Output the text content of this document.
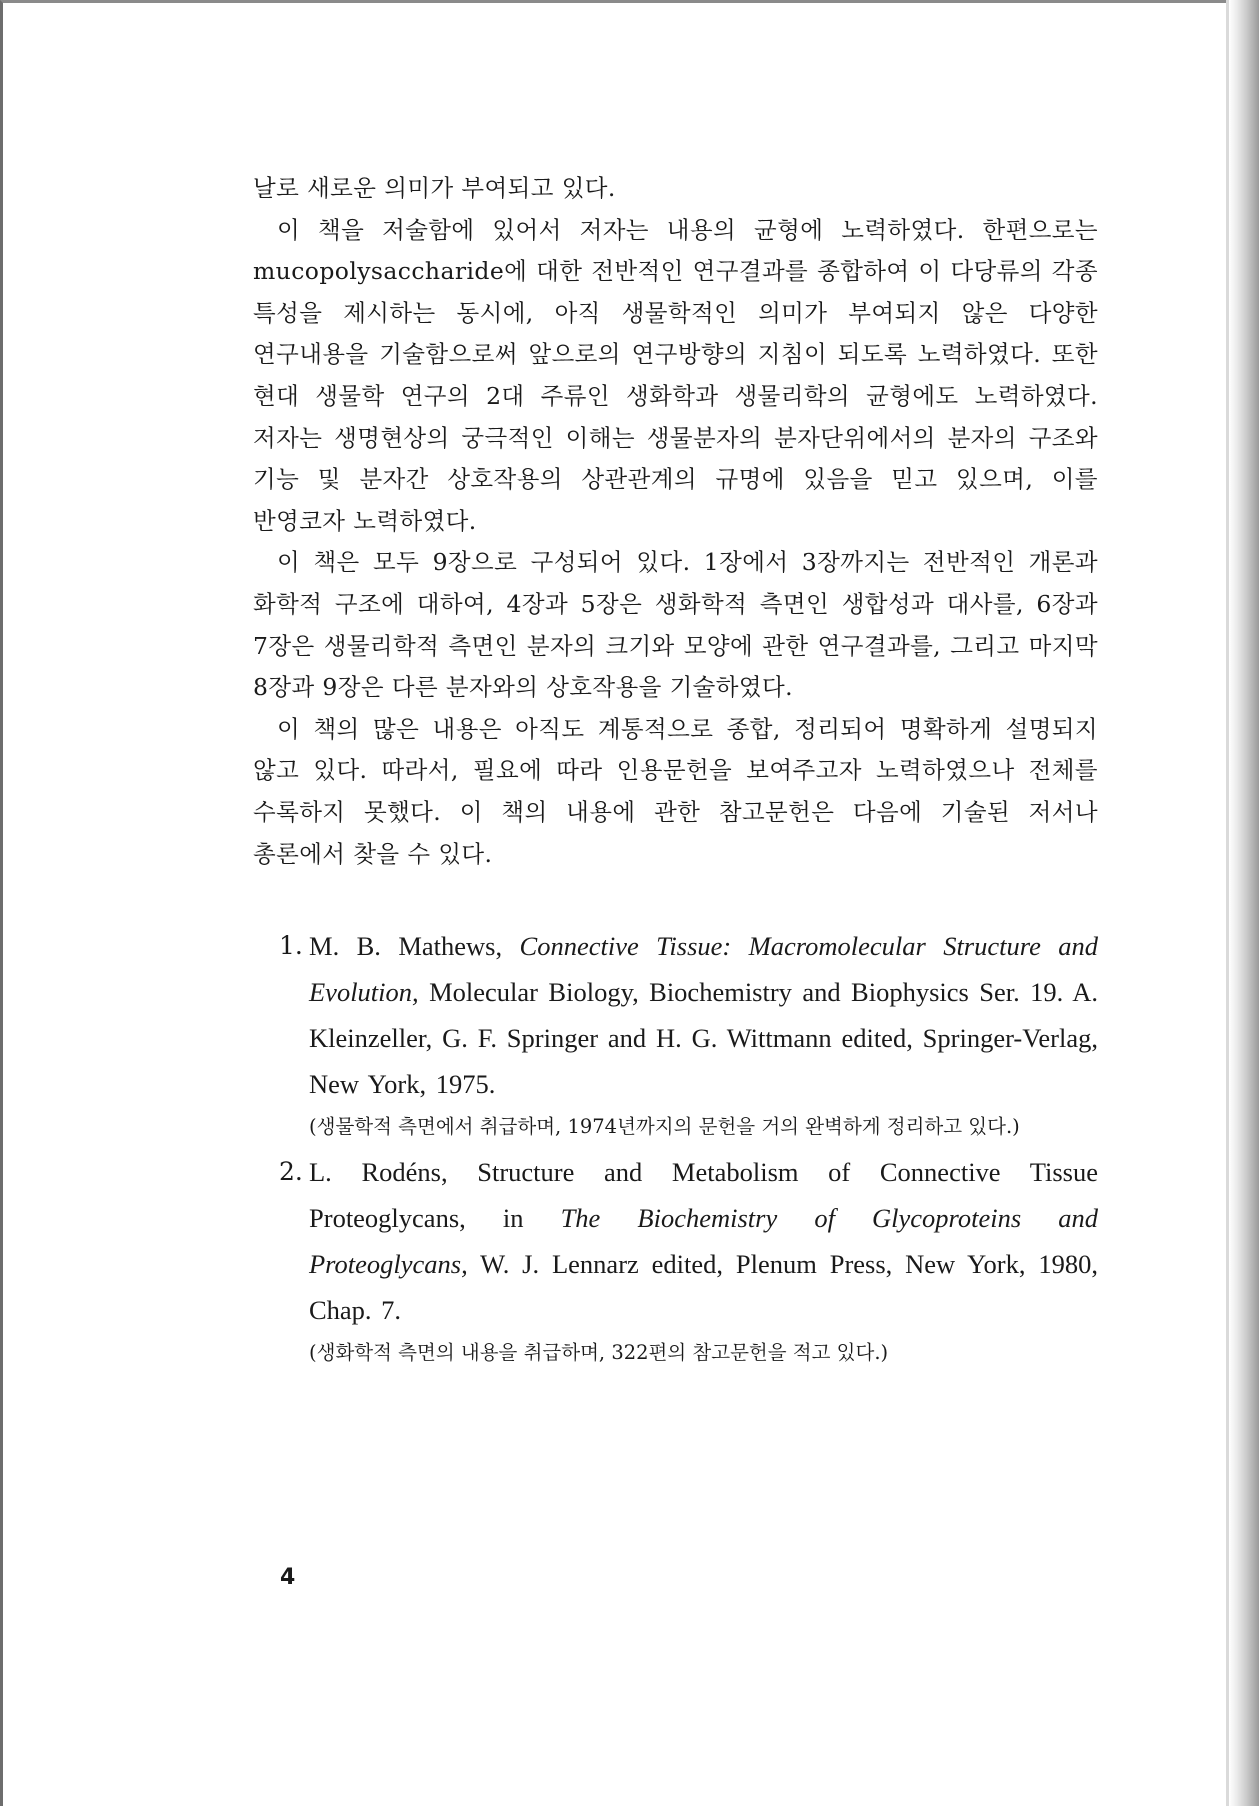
날로 새로운 의미가 부여되고 있다.

이 책을 저술함에 있어서 저자는 내용의 균형에 노력하였다. 한편으로는 mucopolysaccharide에 대한 전반적인 연구결과를 종합하여 이 다당류의 각종 특성을 제시하는 동시에, 아직 생물학적인 의미가 부여되지 않은 다양한 연구내용을 기술함으로써 앞으로의 연구방향의 지침이 되도록 노력하였다. 또한 현대 생물학 연구의 2대 주류인 생화학과 생물리학의 균형에도 노력하였다. 저자는 생명현상의 궁극적인 이해는 생물분자의 분자단위에서의 분자의 구조와 기능 및 분자간 상호작용의 상관관계의 규명에 있음을 믿고 있으며, 이를 반영코자 노력하였다.

이 책은 모두 9장으로 구성되어 있다. 1장에서 3장까지는 전반적인 개론과 화학적 구조에 대하여, 4장과 5장은 생화학적 측면인 생합성과 대사를, 6장과 7장은 생물리학적 측면인 분자의 크기와 모양에 관한 연구결과를, 그리고 마지막 8장과 9장은 다른 분자와의 상호작용을 기술하였다.

이 책의 많은 내용은 아직도 계통적으로 종합, 정리되어 명확하게 설명되지 않고 있다. 따라서, 필요에 따라 인용문헌을 보여주고자 노력하였으나 전체를 수록하지 못했다. 이 책의 내용에 관한 참고문헌은 다음에 기술된 저서나 총론에서 찾을 수 있다.

1. M. B. Mathews, Connective Tissue: Macromolecular Structure and Evolution, Molecular Biology, Biochemistry and Biophysics Ser. 19. A. Kleinzeller, G. F. Springer and H. G. Wittmann edited, Springer-Verlag, New York, 1975.
(생물학적 측면에서 취급하며, 1974년까지의 문헌을 거의 완벽하게 정리하고 있다.)
2. L. Rodéns, Structure and Metabolism of Connective Tissue Proteoglycans, in The Biochemistry of Glycoproteins and Proteoglycans, W. J. Lennarz edited, Plenum Press, New York, 1980, Chap. 7.
(생화학적 측면의 내용을 취급하며, 322편의 참고문헌을 적고 있다.)
4
